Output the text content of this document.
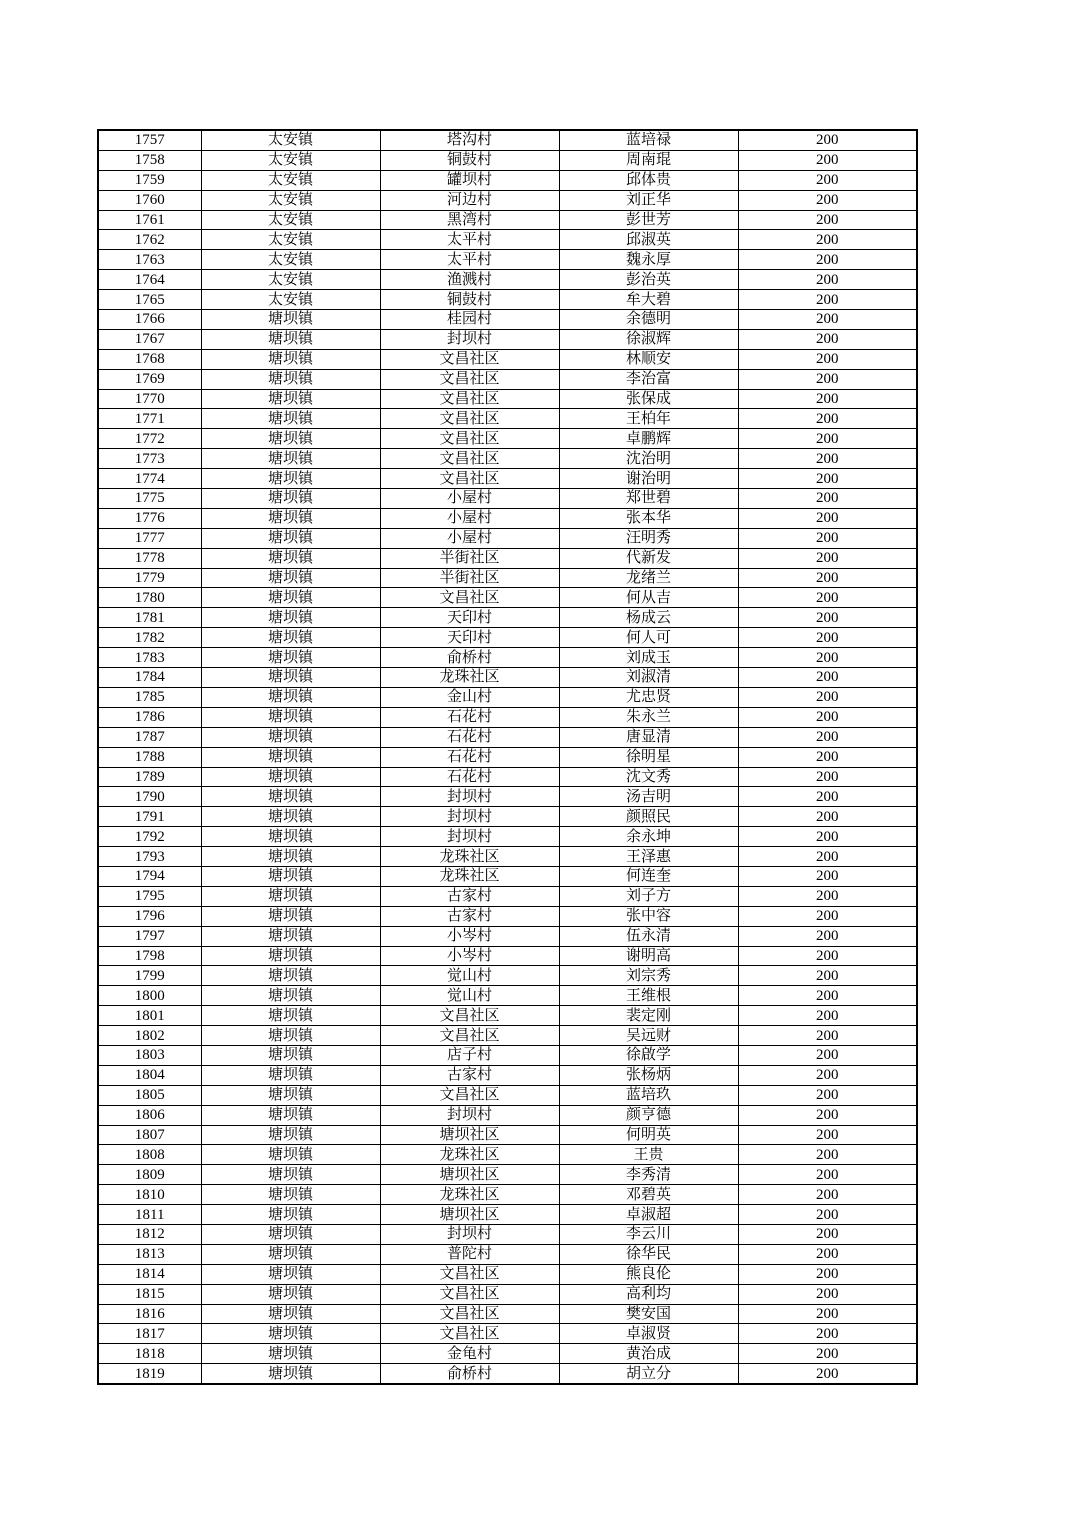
1757	太安镇	塔沟村	蓝培禄	200
1758	太安镇	铜鼓村	周南琨	200
1759	太安镇	罐坝村	邱体贵	200
1760	太安镇	河边村	刘正华	200
1761	太安镇	黑湾村	彭世芳	200
1762	太安镇	太平村	邱淑英	200
1763	太安镇	太平村	魏永厚	200
1764	太安镇	渔溅村	彭治英	200
1765	太安镇	铜鼓村	牟大碧	200
1766	塘坝镇	桂园村	余德明	200
1767	塘坝镇	封坝村	徐淑辉	200
1768	塘坝镇	文昌社区	林顺安	200
1769	塘坝镇	文昌社区	李治富	200
1770	塘坝镇	文昌社区	张保成	200
1771	塘坝镇	文昌社区	王柏年	200
1772	塘坝镇	文昌社区	卓鹏辉	200
1773	塘坝镇	文昌社区	沈治明	200
1774	塘坝镇	文昌社区	谢治明	200
1775	塘坝镇	小屋村	郑世碧	200
1776	塘坝镇	小屋村	张本华	200
1777	塘坝镇	小屋村	汪明秀	200
1778	塘坝镇	半街社区	代新发	200
1779	塘坝镇	半街社区	龙绪兰	200
1780	塘坝镇	文昌社区	何从吉	200
1781	塘坝镇	天印村	杨成云	200
1782	塘坝镇	天印村	何人可	200
1783	塘坝镇	俞桥村	刘成玉	200
1784	塘坝镇	龙珠社区	刘淑清	200
1785	塘坝镇	金山村	尤忠贤	200
1786	塘坝镇	石花村	朱永兰	200
1787	塘坝镇	石花村	唐显清	200
1788	塘坝镇	石花村	徐明星	200
1789	塘坝镇	石花村	沈文秀	200
1790	塘坝镇	封坝村	汤吉明	200
1791	塘坝镇	封坝村	颜照民	200
1792	塘坝镇	封坝村	余永坤	200
1793	塘坝镇	龙珠社区	王泽惠	200
1794	塘坝镇	龙珠社区	何连奎	200
1795	塘坝镇	古家村	刘子方	200
1796	塘坝镇	古家村	张中容	200
1797	塘坝镇	小岑村	伍永清	200
1798	塘坝镇	小岑村	谢明高	200
1799	塘坝镇	觉山村	刘宗秀	200
1800	塘坝镇	觉山村	王维根	200
1801	塘坝镇	文昌社区	裴定刚	200
1802	塘坝镇	文昌社区	吴远财	200
1803	塘坝镇	店子村	徐啟学	200
1804	塘坝镇	古家村	张杨炳	200
1805	塘坝镇	文昌社区	蓝培玖	200
1806	塘坝镇	封坝村	颜亨德	200
1807	塘坝镇	塘坝社区	何明英	200
1808	塘坝镇	龙珠社区	王贵	200
1809	塘坝镇	塘坝社区	李秀清	200
1810	塘坝镇	龙珠社区	邓碧英	200
1811	塘坝镇	塘坝社区	卓淑超	200
1812	塘坝镇	封坝村	李云川	200
1813	塘坝镇	普陀村	徐华民	200
1814	塘坝镇	文昌社区	熊良伦	200
1815	塘坝镇	文昌社区	高利均	200
1816	塘坝镇	文昌社区	樊安国	200
1817	塘坝镇	文昌社区	卓淑贤	200
1818	塘坝镇	金龟村	黄治成	200
1819	塘坝镇	俞桥村	胡立分	200
